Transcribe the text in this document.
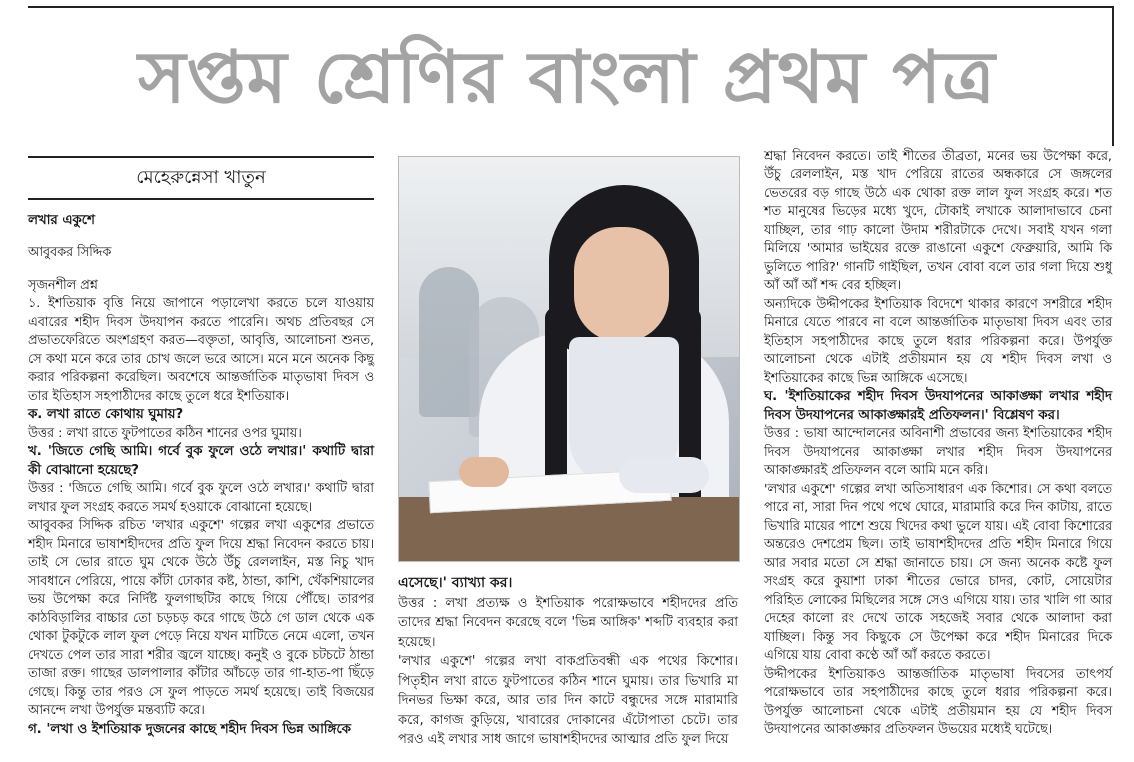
সপ্তম শ্রেণির বাংলা প্রথম পত্র
মেহেরুন্নেসা খাতুন

লখার একুশে

আবুবকর সিদ্দিক

সৃজনশীল প্রশ্ন

১. ইশতিয়াক বৃত্তি নিয়ে জাপানে পড়ালেখা করতে চলে যাওয়ায় এবারের শহীদ দিবস উদযাপন করতে পারেনি। অথচ প্রতিবছর সে প্রভাতফেরিতে অংশগ্রহণ করত—বক্তৃতা, আবৃত্তি, আলোচনা শুনত, সে কথা মনে করে তার চোখ জলে ভরে আসে। মনে মনে অনেক কিছু করার পরিকল্পনা করেছিল। অবশেষে আন্তর্জাতিক মাতৃভাষা দিবস ও তার ইতিহাস সহপাঠীদের কাছে তুলে ধরে ইশতিয়াক।

ক. লখা রাতে কোথায় ঘুমায়?

উত্তর : লখা রাতে ফুটপাতের কঠিন শানের ওপর ঘুমায়।

খ. 'জিতে গেছি আমি। গর্বে বুক ফুলে ওঠে লখার।' কথাটি দ্বারা কী বোঝানো হয়েছে?

উত্তর : 'জিতে গেছি আমি। গর্বে বুক ফুলে ওঠে লখার।' কথাটি দ্বারা লখার ফুল সংগ্রহ করতে সমর্থ হওয়াকে বোঝানো হয়েছে।

আবুবকর সিদ্দিক রচিত 'লখার একুশে' গল্পের লখা একুশের প্রভাতে শহীদ মিনারে ভাষাশহীদদের প্রতি ফুল দিয়ে শ্রদ্ধা নিবেদন করতে চায়। তাই সে ভোর রাতে ঘুম থেকে উঠে উঁচু রেললাইন, মস্ত নিচু খাদ সাবধানে পেরিয়ে, পায়ে কাঁটা ঢোকার কষ্ট, ঠান্ডা, কাশি, খেঁকশিয়ালের ভয় উপেক্ষা করে নির্দিষ্ট ফুলগাছটির কাছে গিয়ে পৌঁছে। তারপর কাঠবিড়ালির বাচ্চার তো চড়চড় করে গাছে উঠে গে ডাল থেকে এক থোকা টুকটুকে লাল ফুল পেড়ে নিয়ে যখন মাটিতে নেমে এলো, তখন দেখতে পেল তার সারা শরীর জ্বলে যাচ্ছে। কনুই ও বুকে চটচটে ঠান্ডা তাজা রক্ত। গাছের ডালপালার কাঁটার আঁচড়ে তার গা-হাত-পা ছিঁড়ে গেছে। কিন্তু তার পরও সে ফুল পাড়তে সমর্থ হয়েছে। তাই বিজয়ের আনন্দে লখা উপর্যুক্ত মন্তব্যটি করে।

গ. 'লখা ও ইশতিয়াক দুজনের কাছে শহীদ দিবস ভিন্ন আঙ্গিকে

এসেছে।' ব্যাখ্যা কর।

উত্তর : লখা প্রত্যক্ষ ও ইশতিয়াক পরোক্ষভাবে শহীদদের প্রতি তাদের শ্রদ্ধা নিবেদন করেছে বলে 'ভিন্ন আঙ্গিক' শব্দটি ব্যবহার করা হয়েছে।

'লখার একুশে' গল্পের লখা বাকপ্রতিবন্ধী এক পথের কিশোর। পিতৃহীন লখা রাতে ফুটপাতের কঠিন শানে ঘুমায়। তার ভিখারি মা দিনভর ভিক্ষা করে, আর তার দিন কাটে বন্ধুদের সঙ্গে মারামারি করে, কাগজ কুড়িয়ে, খাবারের দোকানের এঁটোপাতা চেটে। তার পরও এই লখার সাধ জাগে ভাষাশহীদদের আত্মার প্রতি ফুল দিয়ে

শ্রদ্ধা নিবেদন করতে। তাই শীতের তীব্রতা, মনের ভয় উপেক্ষা করে, উঁচু রেললাইন, মস্ত খাদ পেরিয়ে রাতের অন্ধকারে সে জঙ্গলের ভেতরের বড় গাছে উঠে এক থোকা রক্ত লাল ফুল সংগ্রহ করে। শত শত মানুষের ভিড়ের মধ্যে খুদে, টোকাই লখাকে আলাদাভাবে চেনা যাচ্ছিল, তার গাঢ় কালো উদাম শরীরটাকে দেখে। সবাই যখন গলা মিলিয়ে 'আমার ভাইয়ের রক্তে রাঙানো একুশে ফেব্রুয়ারি, আমি কি ভুলিতে পারি?' গানটি গাইছিল, তখন বোবা বলে তার গলা দিয়ে শুধু আঁ আঁ আঁ শব্দ বের হচ্ছিল।

অন্যদিকে উদ্দীপকের ইশতিয়াক বিদেশে থাকার কারণে সশরীরে শহীদ মিনারে যেতে পারবে না বলে আন্তর্জাতিক মাতৃভাষা দিবস এবং তার ইতিহাস সহপাঠীদের কাছে তুলে ধরার পরিকল্পনা করে। উপর্যুক্ত আলোচনা থেকে এটাই প্রতীয়মান হয় যে শহীদ দিবস লখা ও ইশতিয়াকের কাছে ভিন্ন আঙ্গিকে এসেছে।

ঘ. 'ইশতিয়াকের শহীদ দিবস উদযাপনের আকাঙ্ক্ষা লখার শহীদ দিবস উদযাপনের আকাঙ্ক্ষারই প্রতিফলন।' বিশ্লেষণ কর।

উত্তর : ভাষা আন্দোলনের অবিনাশী প্রভাবের জন্য ইশতিয়াকের শহীদ দিবস উদযাপনের আকাঙ্ক্ষা লখার শহীদ দিবস উদযাপনের আকাঙ্ক্ষারই প্রতিফলন বলে আমি মনে করি।

'লখার একুশে' গল্পের লখা অতিসাধারণ এক কিশোর। সে কথা বলতে পারে না, সারা দিন পথে পথে ঘোরে, মারামারি করে দিন কাটায়, রাতে ভিখারি মায়ের পাশে শুয়ে খিদের কথা ভুলে যায়। এই বোবা কিশোরের অন্তরেও দেশপ্রেম ছিল। তাই ভাষাশহীদদের প্রতি শহীদ মিনারে গিয়ে আর সবার মতো সে শ্রদ্ধা জানাতে চায়। সে জন্য অনেক কষ্টে ফুল সংগ্রহ করে কুয়াশা ঢাকা শীতের ভোরে চাদর, কোট, সোয়েটার পরিহিত লোকের মিছিলের সঙ্গে সেও এগিয়ে যায়। তার খালি গা আর দেহের কালো রং দেখে তাকে সহজেই সবার থেকে আলাদা করা যাচ্ছিল। কিন্তু সব কিছুকে সে উপেক্ষা করে শহীদ মিনারের দিকে এগিয়ে যায় বোবা কণ্ঠে আঁ আঁ করতে করতে।

উদ্দীপকের ইশতিয়াকও আন্তর্জাতিক মাতৃভাষা দিবসের তাৎপর্য পরোক্ষভাবে তার সহপাঠীদের কাছে তুলে ধরার পরিকল্পনা করে। উপর্যুক্ত আলোচনা থেকে এটাই প্রতীয়মান হয় যে শহীদ দিবস উদযাপনের আকাঙ্ক্ষার প্রতিফলন উভয়ের মধ্যেই ঘটেছে।
